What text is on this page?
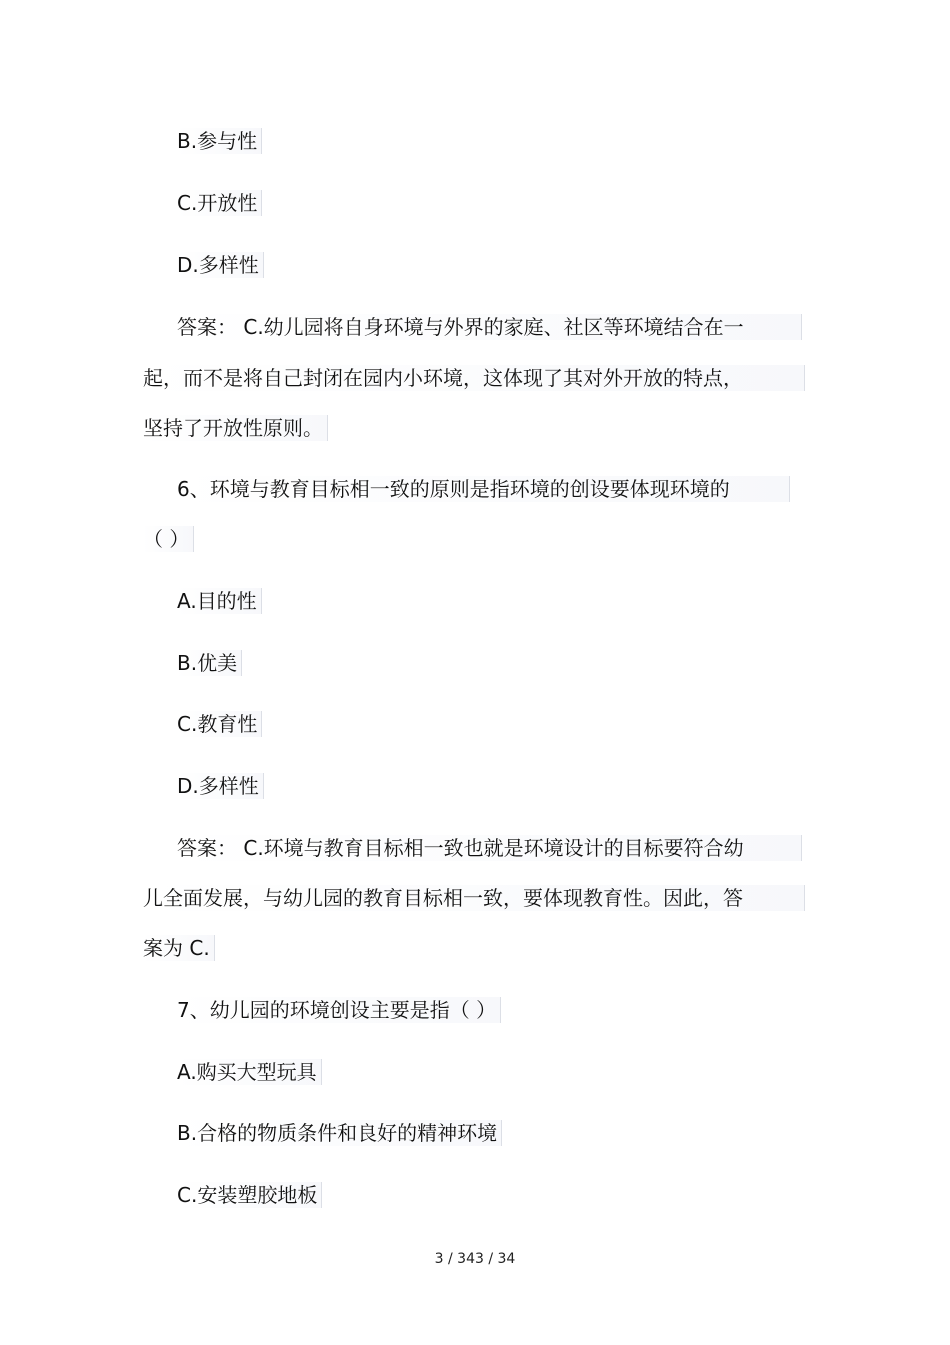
B.参与性
C.开放性
D.多样性
答案： C.幼儿园将自身环境与外界的家庭、社区等环境结合在一
起，而不是将自己封闭在园内小环境，这体现了其对外开放的特点，
坚持了开放性原则。
6、环境与教育目标相一致的原则是指环境的创设要体现环境的
（ ）
A.目的性
B.优美
C.教育性
D.多样性
答案： C.环境与教育目标相一致也就是环境设计的目标要符合幼
儿全面发展，与幼儿园的教育目标相一致，要体现教育性。因此，答
案为 C.
7、幼儿园的环境创设主要是指（ ）
A.购买大型玩具
B.合格的物质条件和良好的精神环境
C.安装塑胶地板
3 / 343 / 34
